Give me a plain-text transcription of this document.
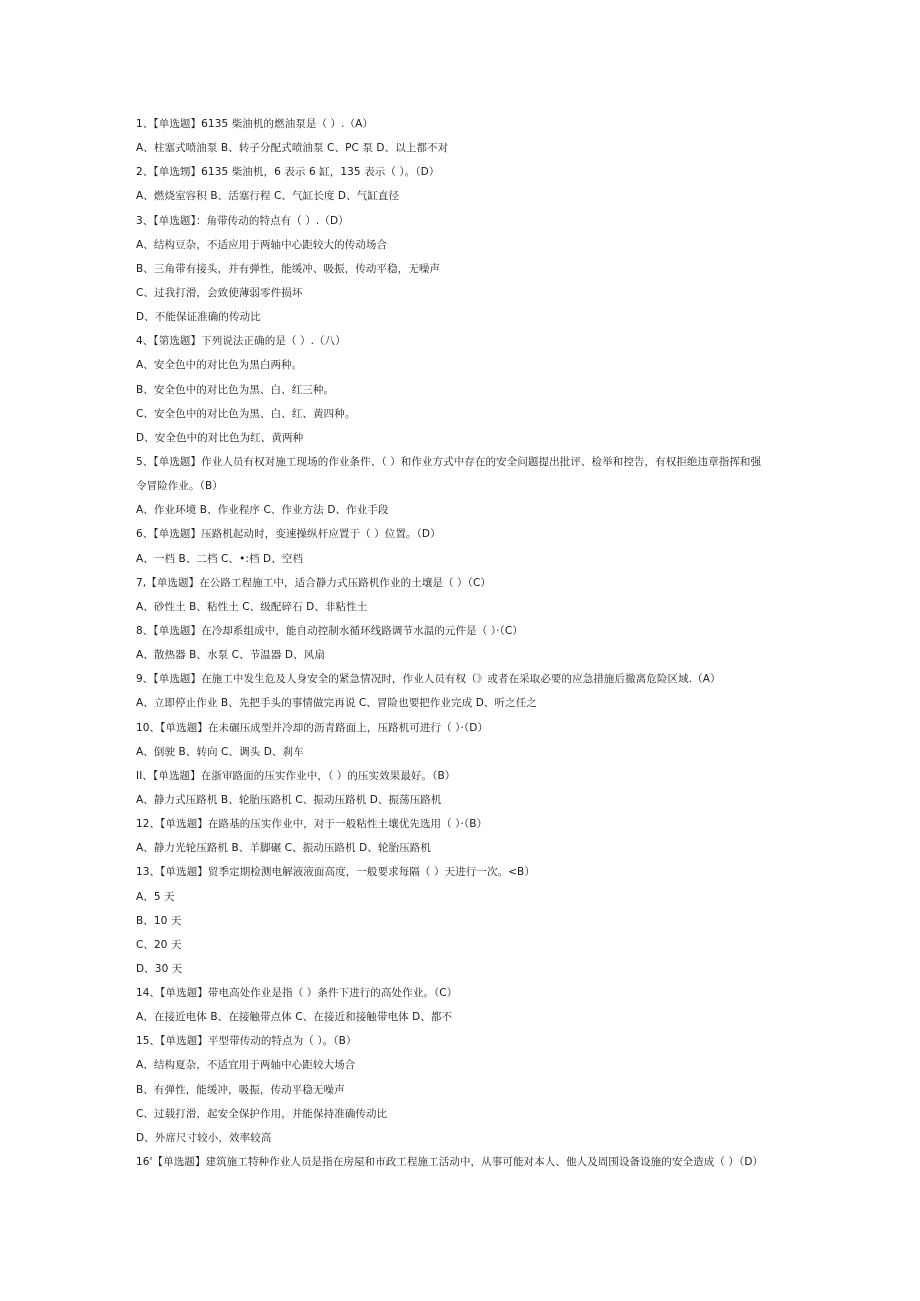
1、【单选题】6135 柴油机的燃油泵是（ ）.（A）
A、柱塞式喷油泵 B、转子分配式喷油泵 C、PC 泵 D、以上都不对
2、【单选甥】6135 柴油机，6 表示 6 缸，135 表示（ ）。（D）
A、燃烧室容积 B、活塞行程 C、气缸长度 D、气缸直径
3、【单选题】：角带传动的特点有（ ）.（D）
A、结构豆杂，不适应用于两轴中心距较大的传动场合
B、三角带有接头，并有弹性，能缓冲、吸振，传动平稳，无噪声
C、过我打滑，会致使薄弱零件损坏
D、不能保证准确的传动比
4、【第选题】下列说法正确的是（ ）.（八）
A、安全色中的对比色为黑白两种。
B、安全色中的对比色为黑、白、红三种。
C、安全色中的对比色为黑、白、红、黄四种。
D、安全色中的对比色为红、黄两种
5、【单选题】作业人员有权对施工现场的作业条件、（ ）和作业方式中存在的安全问题提出批评、检举和控告，有权拒绝违章指挥和强
令冒险作业。（B）
A、作业环境 B、作业程序 C、作业方法 D、作业手段
6、【单选题】压路机起动时，变速操纵杆应置于（ ）位置。（D）
A、一档 B、二档 C、•:档 D、空档
7,【单选题】在公路工程施工中，适合静力式压路机作业的土壤是（ ）（C）
A、砂性土 B、粘性土 C、级配碎石 D、非粘性土
8、【单选题】在冷却系组成中，能自动控制水循环线路调节水温的元件是（ ）·（C）
A、散热器 B、水泵 C、节温器 D、风扇
9、【单选题】在施工中发生危及人身安全的紧急情况时，作业人员有权（》或者在采取必要的应急措施后撤离危险区域.（A）
A、立即停止作业 B、先把手头的事情做完再说 C、冒险也要把作业完成 D、听之任之
10、【单选题】在未碾压成型并冷却的沥青路面上，压路机可进行（ ）·（D）
A、倒驶 B、转向 C、调头 D、刹车
II、【单选题】在浙审路面的压实作业中，（ ）的压实效果最好。（B）
A、静力式压路机 B、轮胎压路机 C、振动压路机 D、振荡压路机
12、【单选题】在路基的压实作业中，对于一般粘性土壤优先选用（ ）·（B）
A、静力光轮压路机 B、羊脚碾 C、振动压路机 D、轮胎压路机
13、【单选题】贸季定期检测电解液液面高度，一般要求每隔（ ）天进行一次。<B）
A、5 天
B、10 天
C、20 天
D、30 天
14、【单选题】带电高处作业是指（ ）条件下进行的高处作业。（C）
A、在接近电体 B、在接触带点体 C、在接近和接触带电体 D、都不
15、【单选题】平型带传动的特点为（ ）。（B）
A、结构夏杂，不适宜用于两轴中心距较大场合
B、有弹性，能缓冲，吸振，传动平稳无噪声
C、过载打滑，起安全保护作用，并能保持准确传动比
D、外席尺寸较小，效率较高
16'【单选题】建筑施工特种作业人员是指在房屋和市政工程施工活动中，从事可能对本人、他人及周围设备设施的安全造成（ ）（D）
